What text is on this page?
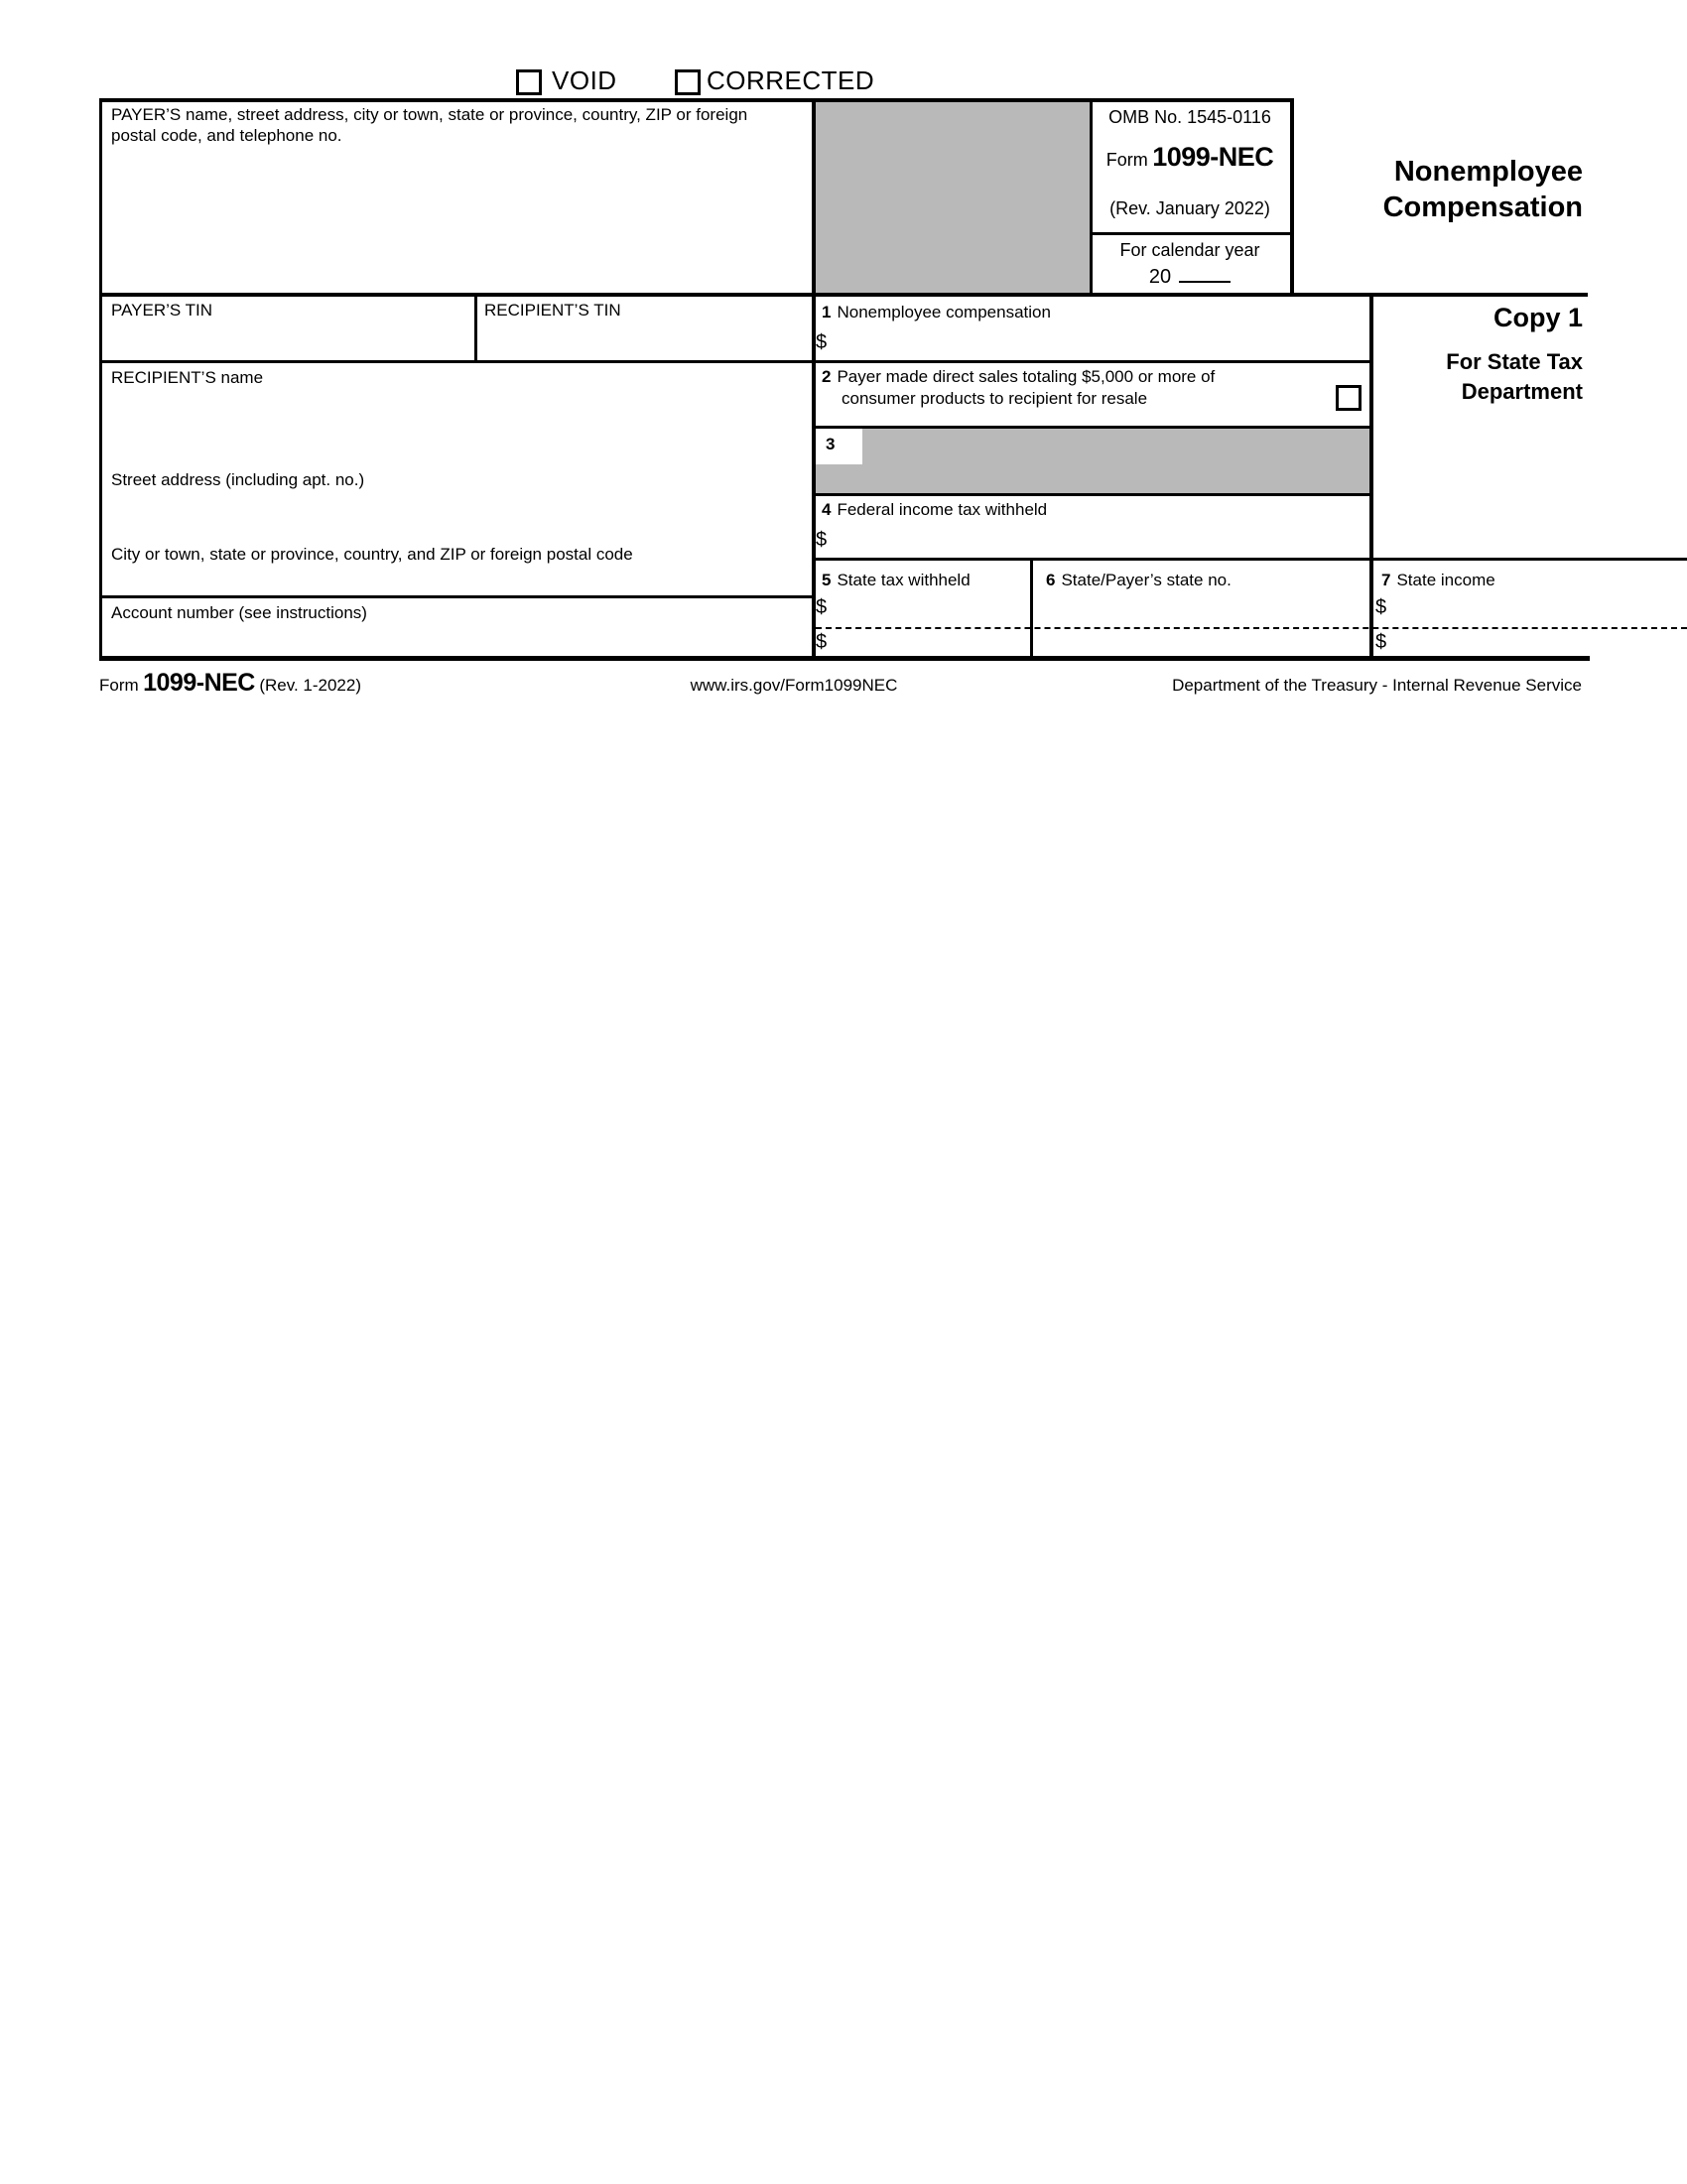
VOID	CORRECTED
PAYER’S name, street address, city or town, state or province, country, ZIP or foreign postal code, and telephone no.
OMB No. 1545-0116
Form 1099-NEC
(Rev. January 2022)
For calendar year
20
Nonemployee
Compensation
Copy 1
For State Tax
Department
PAYER’S TIN	RECIPIENT’S TIN
RECIPIENT’S name
Street address (including apt. no.)
City or town, state or province, country, and ZIP or foreign postal code
Account number (see instructions)
1 Nonemployee compensation
$
2 Payer made direct sales totaling $5,000 or more of
consumer products to recipient for resale
3
4 Federal income tax withheld
$
5 State tax withheld
$
$
6 State/Payer’s state no.	7 State income
$
$
Form 1099-NEC (Rev. 1-2022)	www.irs.gov/Form1099NEC	Department of the Treasury - Internal Revenue Service
